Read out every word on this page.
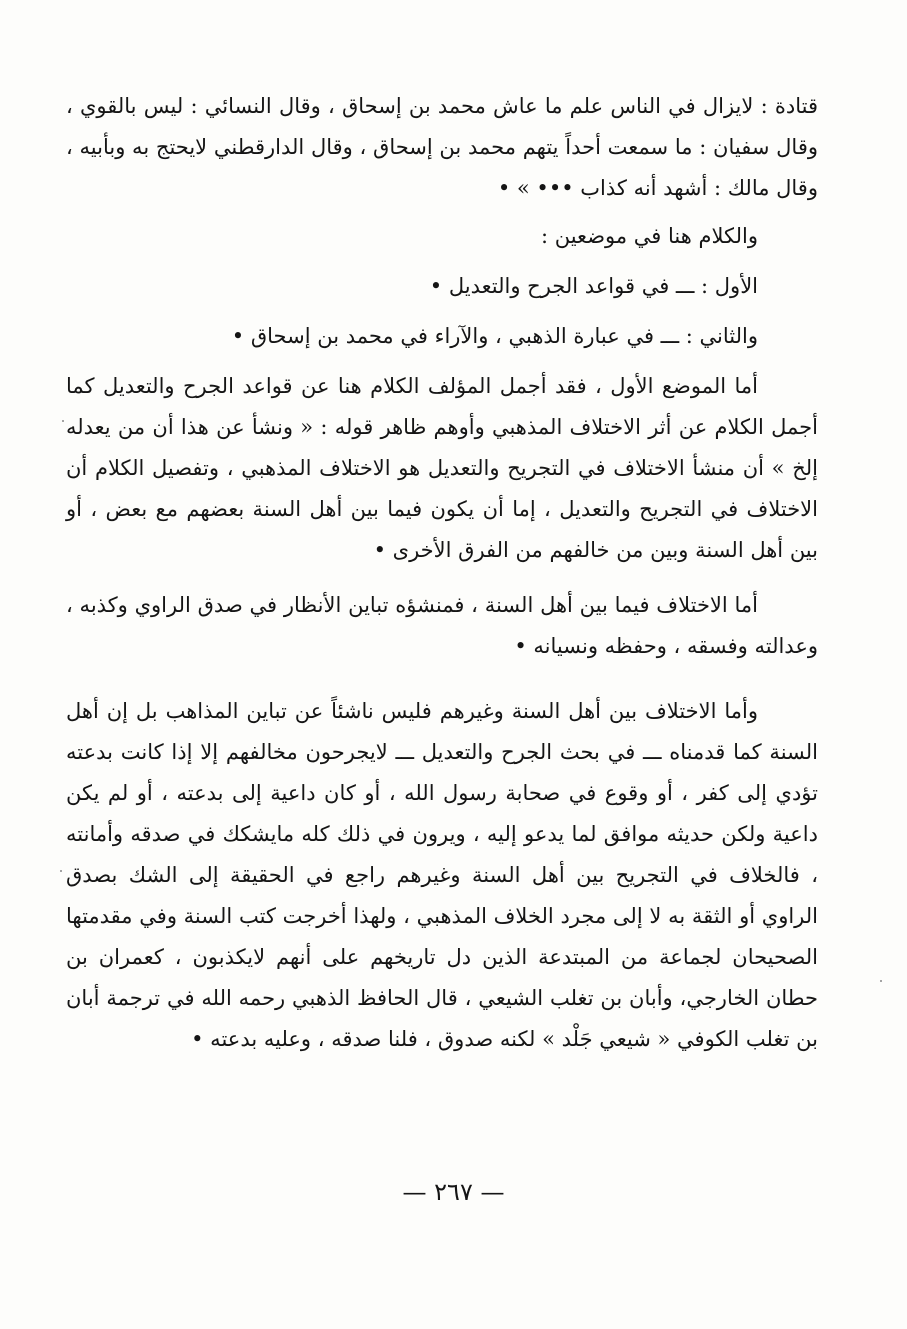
قتادة : لايزال في الناس علم ما عاش محمد بن إسحاق ، وقال النسائي : ليس بالقوي ، وقال سفيان : ما سمعت أحداً يتهم محمد بن إسحاق ، وقال الدارقطني لايحتج به وبأبيه ، وقال مالك : أشهد أنه كذاب ••• » •

والكلام هنا في موضعين :

الأول : ـــ في قواعد الجرح والتعديل •

والثاني : ـــ في عبارة الذهبي ، والآراء في محمد بن إسحاق •

أما الموضع الأول ، فقد أجمل المؤلف الكلام هنا عن قواعد الجرح والتعديل كما أجمل الكلام عن أثر الاختلاف المذهبي وأوهم ظاهر قوله : « ونشأ عن هذا أن من يعدله إلخ » أن منشأ الاختلاف في التجريح والتعديل هو الاختلاف المذهبي ، وتفصيل الكلام أن الاختلاف في التجريح والتعديل ، إما أن يكون فيما بين أهل السنة بعضهم مع بعض ، أو بين أهل السنة وبين من خالفهم من الفرق الأخرى •

أما الاختلاف فيما بين أهل السنة ، فمنشؤه تباين الأنظار في صدق الراوي وكذبه ، وعدالته وفسقه ، وحفظه ونسيانه •

وأما الاختلاف بين أهل السنة وغيرهم فليس ناشئاً عن تباين المذاهب بل إن أهل السنة كما قدمناه ـــ في بحث الجرح والتعديل ـــ لايجرحون مخالفهم إلا إذا كانت بدعته تؤدي إلى كفر ، أو وقوع في صحابة رسول الله ، أو كان داعية إلى بدعته ، أو لم يكن داعية ولكن حديثه موافق لما يدعو إليه ، ويرون في ذلك كله مايشكك في صدقه وأمانته ، فالخلاف في التجريح بين أهل السنة وغيرهم راجع في الحقيقة إلى الشك بصدق الراوي أو الثقة به لا إلى مجرد الخلاف المذهبي ، ولهذا أخرجت كتب السنة وفي مقدمتها الصحيحان لجماعة من المبتدعة الذين دل تاريخهم على أنهم لايكذبون ، كعمران بن حطان الخارجي، وأبان بن تغلب الشيعي ، قال الحافظ الذهبي رحمه الله في ترجمة أبان بن تغلب الكوفي « شيعي جَلْد » لكنه صدوق ، فلنا صدقه ، وعليه بدعته •

— ٢٦٧ —
